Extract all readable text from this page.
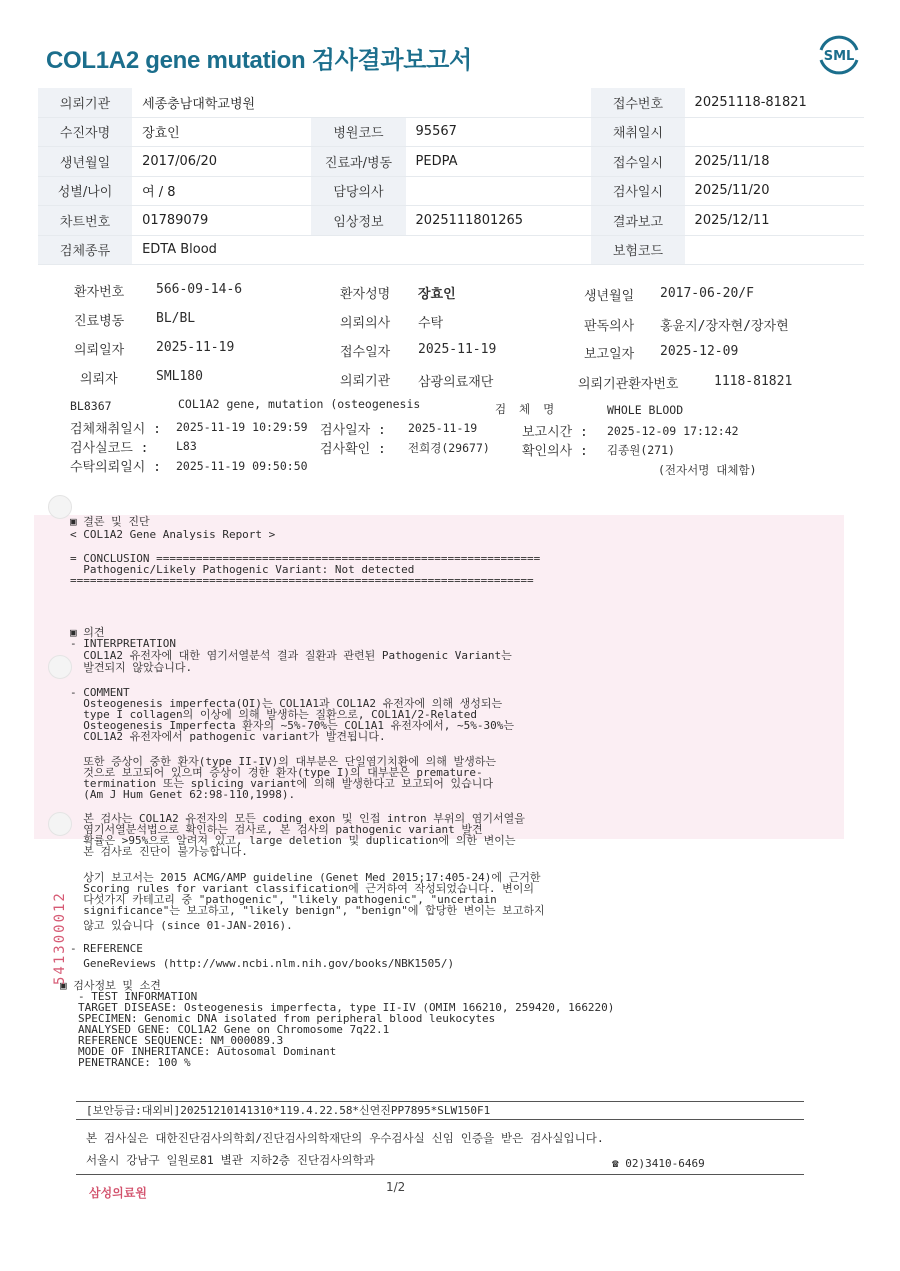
COL1A2 gene mutation 검사결과보고서	SML
의뢰기관	세종충남대학교병원			접수번호	20251118-81821
수진자명	장효인	병원코드	95567	채취일시	
생년월일	2017/06/20	진료과/병동	PEDPA	접수일시	2025/11/18
성별/나이	여 / 8	담당의사		검사일시	2025/11/20
차트번호	01789079	임상정보	2025111801265	결과보고	2025/12/11
검체종류	EDTA Blood			보험코드	
환자번호 566-09-14-6	환자성명 장효인	생년월일 2017-06-20/F
진료병동 BL/BL	의뢰의사 수탁	판독의사 홍윤지/장자현/장자현
의뢰일자 2025-11-19	접수일자 2025-11-19	보고일자 2025-12-09
의뢰자	SML180	의뢰기관 삼광의료재단	의뢰기관환자번호	1118-81821
BL8367	COL1A2 gene, mutation (osteogenesis	검 체 명	WHOLE BLOOD
검체채취일시 : 2025-11-19 10:29:59 검사일자 : 2025-11-19	보고시간 : 2025-12-09 17:12:42
검사실코드 : L83	검사확인 : 전희경(29677) 확인의사 : 김종원(271)
수탁의뢰일시 : 2025-11-19 09:50:50	(전자서명 대체함)
▣ 결론 및 진단
< COL1A2 Gene Analysis Report >
= CONCLUSION ==========================================================
Pathogenic/Likely Pathogenic Variant: Not detected
======================================================================
▣ 의견
- INTERPRETATION
COL1A2 유전자에 대한 염기서열분석 결과 질환과 관련된 Pathogenic Variant는
발견되지 않았습니다.
- COMMENT
Osteogenesis imperfecta(OI)는 COL1A1과 COL1A2 유전자에 의해 생성되는
type I collagen의 이상에 의해 발생하는 질환으로, COL1A1/2-Related
Osteogenesis Imperfecta 환자의 ~5%-70%는 COL1A1 유전자에서, ~5%-30%는
COL1A2 유전자에서 pathogenic variant가 발견됩니다.
또한 증상이 중한 환자(type II-IV)의 대부분은 단일염기치환에 의해 발생하는
것으로 보고되어 있으며 증상이 경한 환자(type I)의 대부분은 premature-
termination 또는 splicing variant에 의해 발생한다고 보고되어 있습니다
(Am J Hum Genet 62:98-110,1998).
본 검사는 COL1A2 유전자의 모든 coding exon 및 인접 intron 부위의 염기서열을
염기서열분석법으로 확인하는 검사로, 본 검사의 pathogenic variant 발견
확률은 >95%으로 알려져 있고, large deletion 및 duplication에 의한 변이는
본 검사로 진단이 불가능합니다.
상기 보고서는 2015 ACMG/AMP guideline (Genet Med 2015;17:405-24)에 근거한
Scoring rules for variant classification에 근거하여 작성되었습니다. 변이의
다섯가지 카테고리 중 "pathogenic", "likely pathogenic", "uncertain
significance"는 보고하고, "likely benign", "benign"에 합당한 변이는 보고하지
않고 있습니다 (since 01-JAN-2016).
- REFERENCE
GeneReviews (http://www.ncbi.nlm.nih.gov/books/NBK1505/)
▣ 검사정보 및 소견
- TEST INFORMATION
TARGET DISEASE: Osteogenesis imperfecta, type II-IV (OMIM 166210, 259420, 166220)
SPECIMEN: Genomic DNA isolated from peripheral blood leukocytes
ANALYSED GENE: COL1A2 Gene on Chromosome 7q22.1
REFERENCE SEQUENCE: NM_000089.3
MODE OF INHERITANCE: Autosomal Dominant
PENETRANCE: 100 %
541300012
[보안등급:대외비]20251210141310*119.4.22.58*신연진PP7895*SLW150F1
본 검사실은 대한진단검사의학회/진단검사의학재단의 우수검사실 신임 인증을 받은 검사실입니다.
서울시 강남구 일원로81 별관 지하2층 진단검사의학과	☎ 02)3410-6469
삼성의료원	1/2
